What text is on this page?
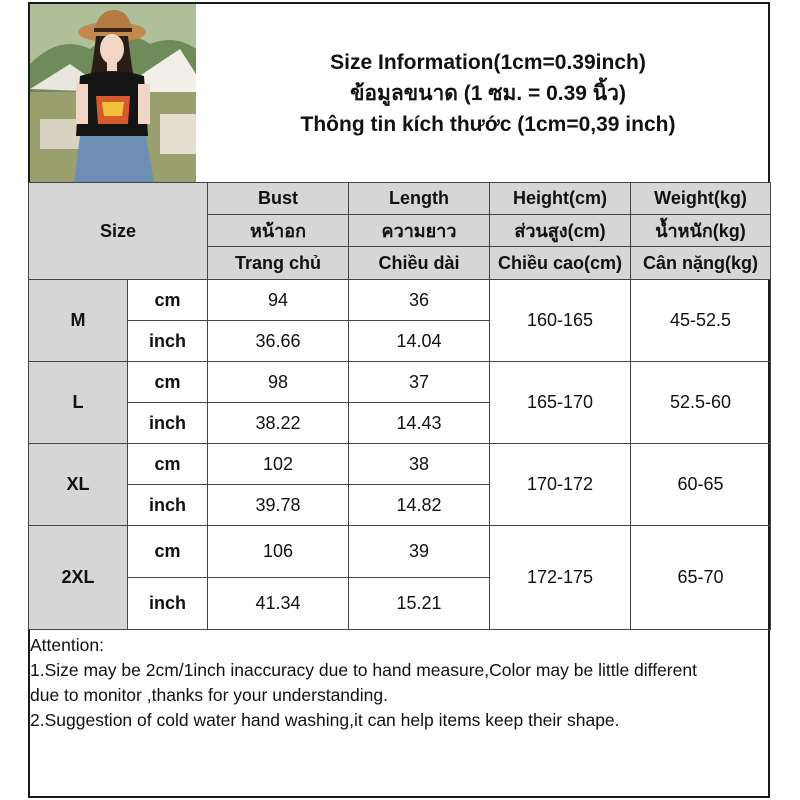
Size Information(1cm=0.39inch)
ข้อมูลขนาด (1 ซม. = 0.39 นิ้ว)
Thông tin kích thước (1cm=0,39 inch)
Size		Bust	Length	Height(cm)	Weight(kg)
		หน้าอก	ความยาว	ส่วนสูง(cm)	น้ำหนัก(kg)
		Trang chủ	Chiều dài	Chiều cao(cm)	Cân nặng(kg)
M	cm	94	36	160-165	45-52.5
	inch	36.66	14.04		
L	cm	98	37	165-170	52.5-60
	inch	38.22	14.43		
XL	cm	102	38	170-172	60-65
	inch	39.78	14.82		
2XL	cm	106	39	172-175	65-70
	inch	41.34	15.21		
Attention:
1.Size may be 2cm/1inch inaccuracy due to hand measure,Color may be little different
due to monitor ,thanks for your understanding.
2.Suggestion of cold water hand washing,it can help items keep their shape.
